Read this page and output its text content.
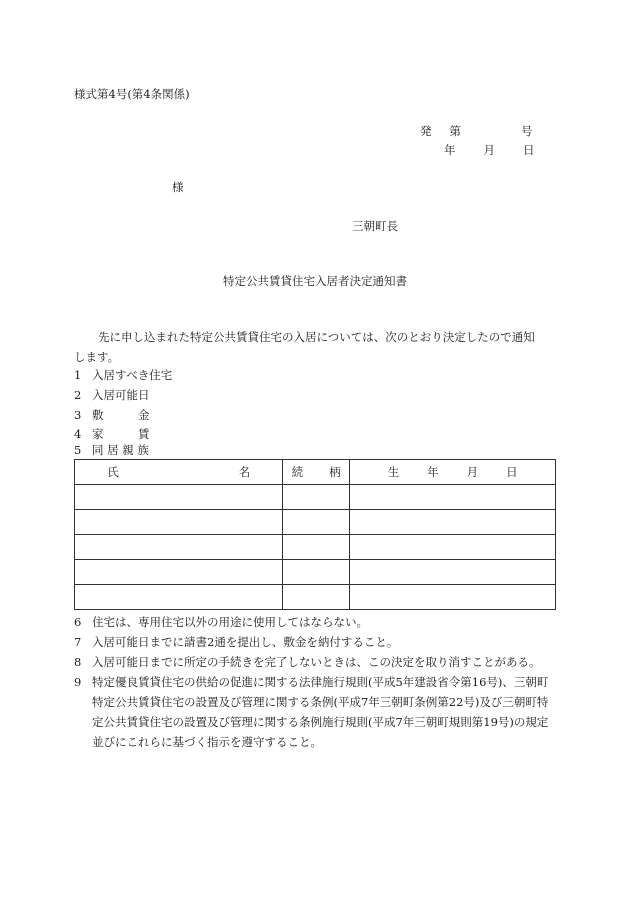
様式第4号(第4条関係)
発 第	号
年 月 日
様
三朝町長
特定公共賃貸住宅入居者決定通知書
先に申し込まれた特定公共賃貸住宅の入居については、次のとおり決定したので通知
します。
1 入居すべき住宅
2 入居可能日
3 敷　　　金
4 家　　　賃
5 同 居 親 族
氏 名	続 柄	生 年 月 日

6 住宅は、専用住宅以外の用途に使用してはならない。
7 入居可能日までに請書2通を提出し、敷金を納付すること。
8 入居可能日までに所定の手続きを完了しないときは、この決定を取り消すことがある。
9 特定優良賃貸住宅の供給の促進に関する法律施行規則(平成5年建設省令第16号)、三朝町特定公共賃貸住宅の設置及び管理に関する条例(平成7年三朝町条例第22号)及び三朝町特定公共賃貸住宅の設置及び管理に関する条例施行規則(平成7年三朝町規則第19号)の規定並びにこれらに基づく指示を遵守すること。
